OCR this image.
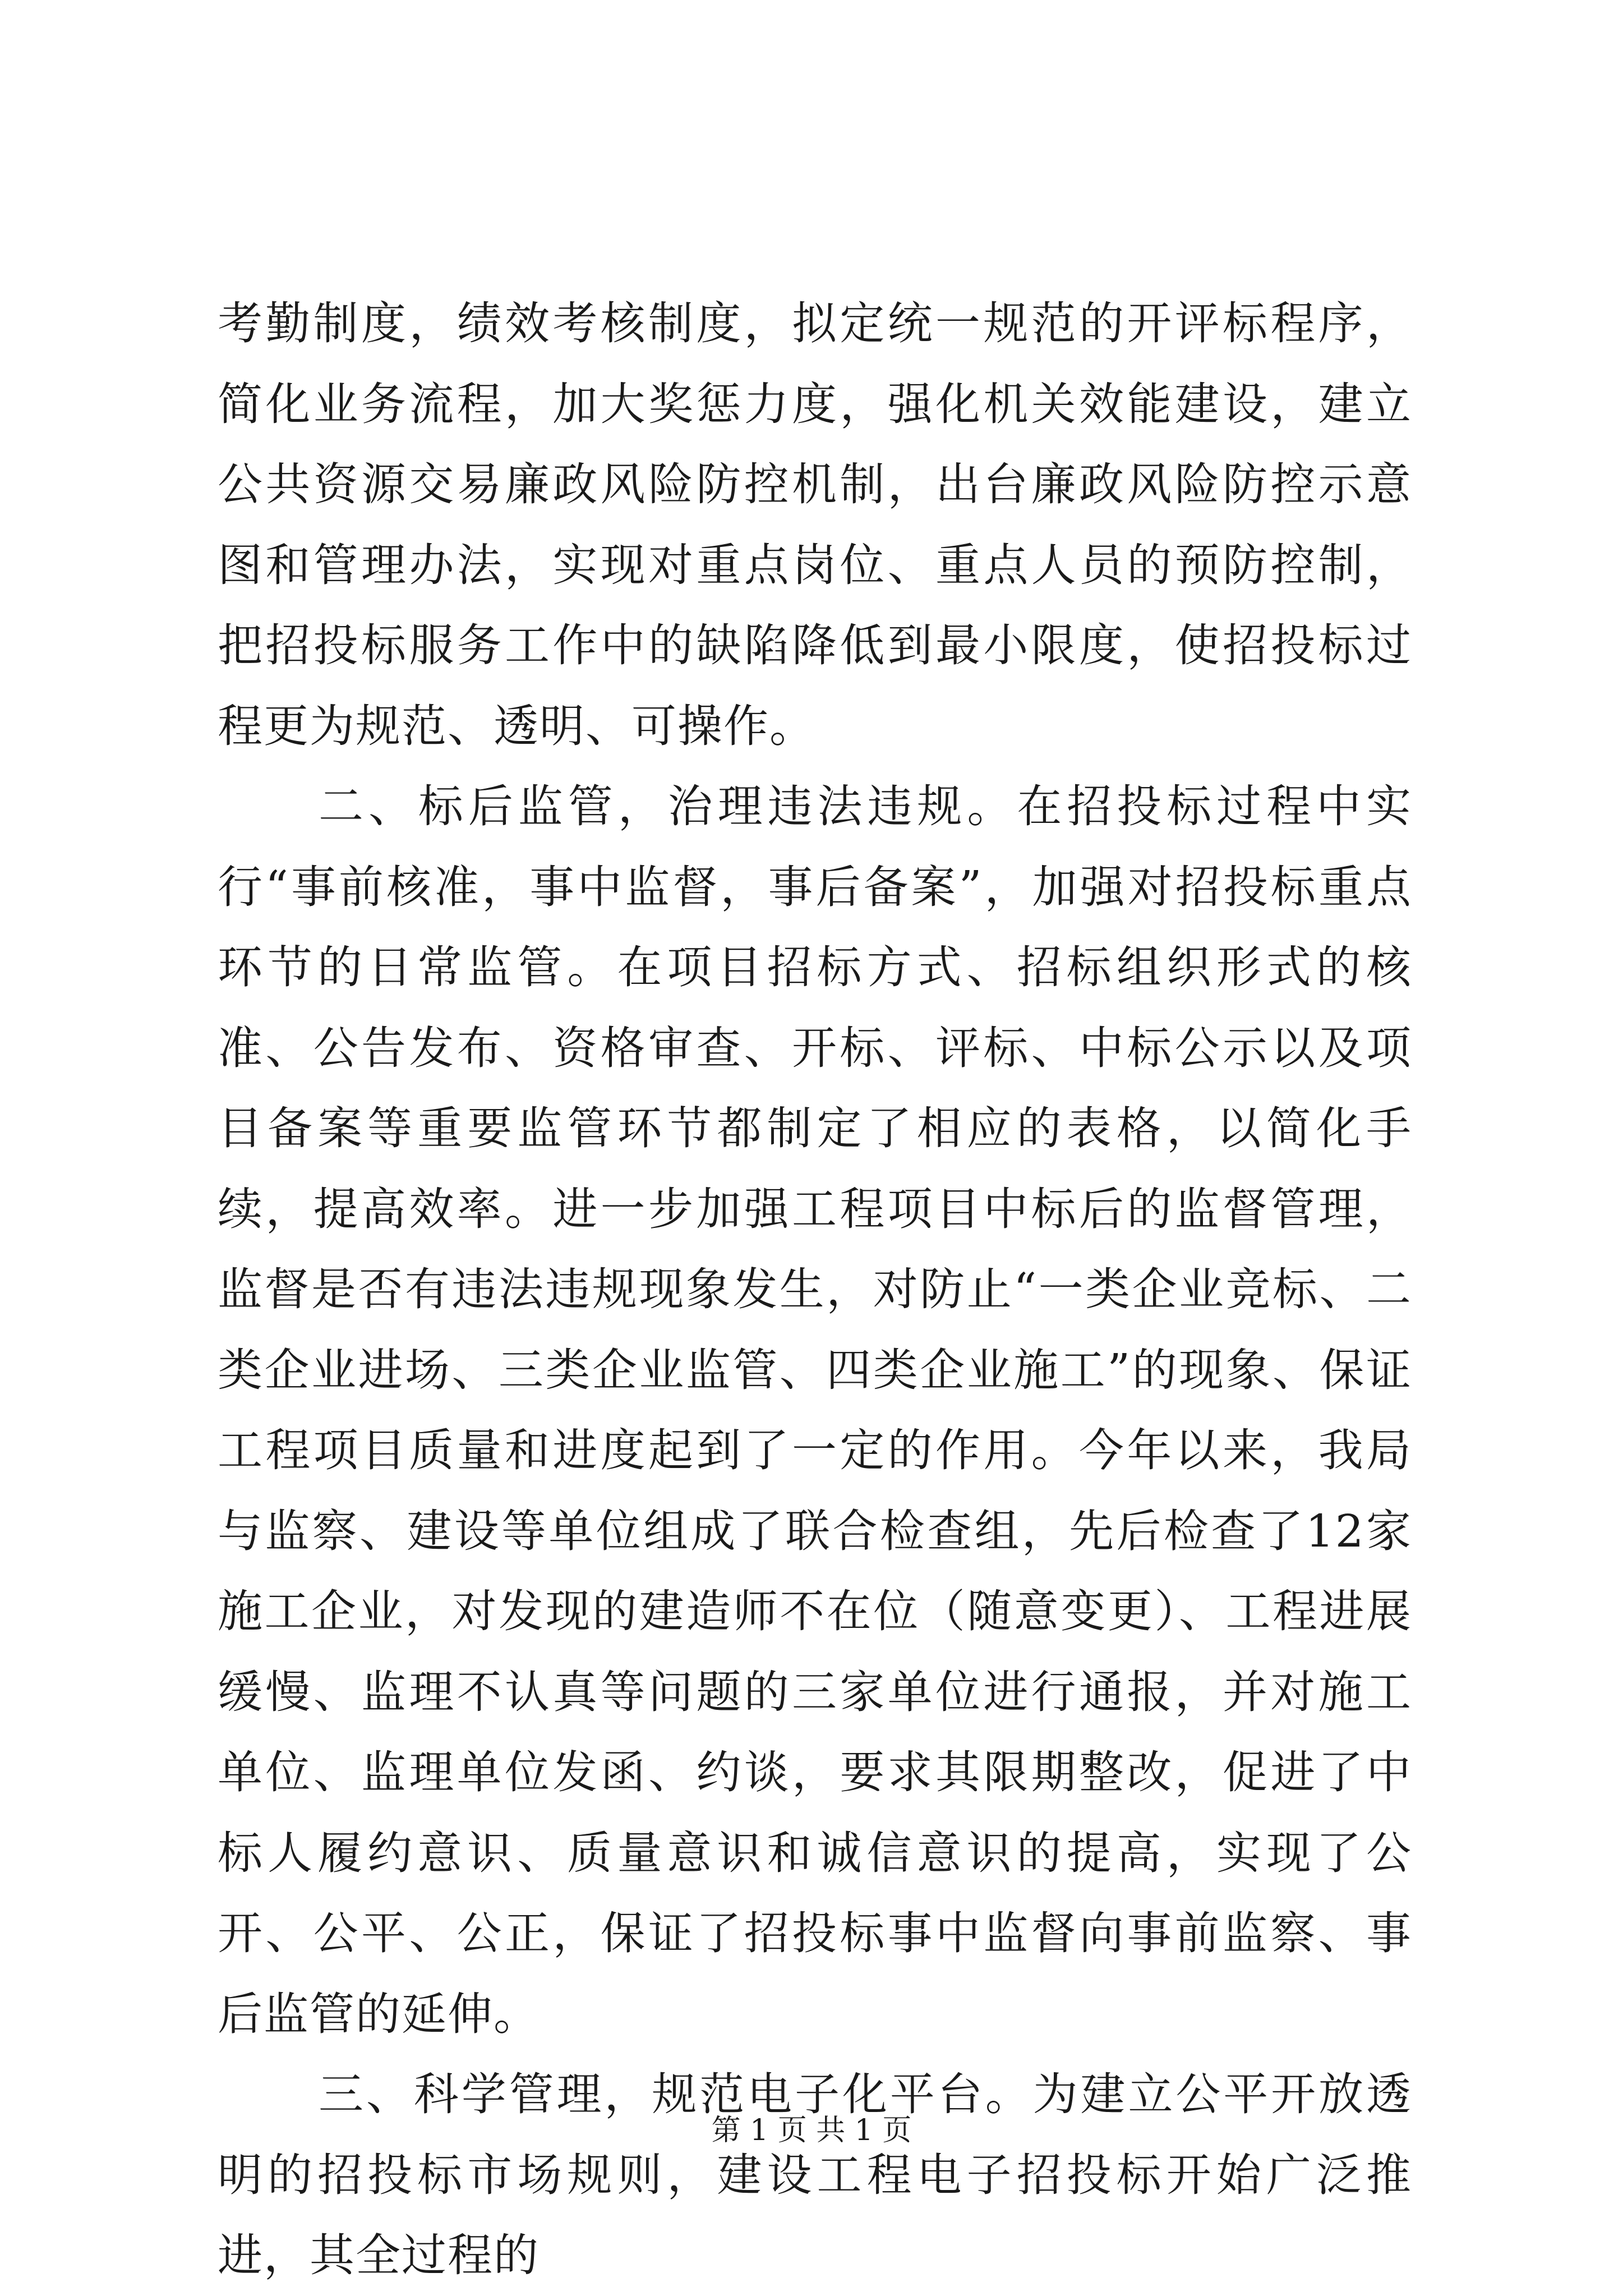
考勤制度，绩效考核制度，拟定统一规范的开评标程序，简化业务流程，加大奖惩力度，强化机关效能建设，建立公共资源交易廉政风险防控机制，出台廉政风险防控示意图和管理办法，实现对重点岗位、重点人员的预防控制，把招投标服务工作中的缺陷降低到最小限度，使招投标过程更为规范、透明、可操作。

二、标后监管，治理违法违规。在招投标过程中实行“事前核准，事中监督，事后备案”，加强对招投标重点环节的日常监管。在项目招标方式、招标组织形式的核准、公告发布、资格审查、开标、评标、中标公示以及项目备案等重要监管环节都制定了相应的表格，以简化手续，提高效率。进一步加强工程项目中标后的监督管理，监督是否有违法违规现象发生，对防止“一类企业竞标、二类企业进场、三类企业监管、四类企业施工”的现象、保证工程项目质量和进度起到了一定的作用。今年以来，我局与监察、建设等单位组成了联合检查组，先后检查了12家施工企业，对发现的建造师不在位（随意变更）、工程进展缓慢、监理不认真等问题的三家单位进行通报，并对施工单位、监理单位发函、约谈，要求其限期整改，促进了中标人履约意识、质量意识和诚信意识的提高，实现了公开、公平、公正，保证了招投标事中监督向事前监察、事后监管的延伸。

三、科学管理，规范电子化平台。为建立公平开放透明的招投标市场规则，建设工程电子招投标开始广泛推进，其全过程的

第 1 页 共 1 页
